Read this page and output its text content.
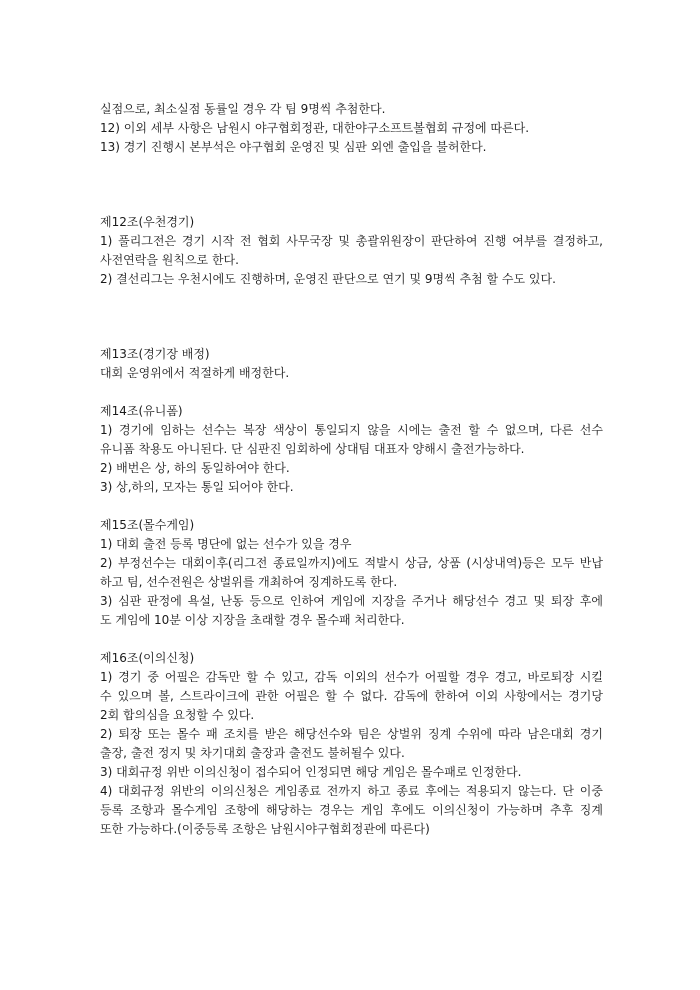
실점으로, 최소실점 동률일 경우 각 팀 9명씩 추첨한다.
12) 이외 세부 사항은 남원시 야구협회정관, 대한야구소프트볼협회 규정에 따른다.
13) 경기 진행시 본부석은 야구협회 운영진 및 심판 외엔 출입을 불허한다.
제12조(우천경기)
1) 풀리그전은 경기 시작 전 협회 사무국장 및 총괄위원장이 판단하여 진행 여부를 결정하고,
사전연락을 원칙으로 한다.
2) 결선리그는 우천시에도 진행하며, 운영진 판단으로 연기 및 9명씩 추첨 할 수도 있다.
제13조(경기장 배정)
대회 운영위에서 적절하게 배정한다.
제14조(유니폼)
1) 경기에 임하는 선수는 복장 색상이 통일되지 않을 시에는 출전 할 수 없으며, 다른 선수
유니폼 착용도 아니된다. 단 심판진 임회하에 상대팀 대표자 양해시 출전가능하다.
2) 배번은 상, 하의 동일하여야 한다.
3) 상,하의, 모자는 통일 되어야 한다.
제15조(몰수게임)
1) 대회 출전 등록 명단에 없는 선수가 있을 경우
2) 부정선수는 대회이후(리그전 종료일까지)에도 적발시 상금, 상품 (시상내역)등은 모두 반납
하고 팀, 선수전원은 상벌위를 개최하여 징계하도록 한다.
3) 심판 판정에 욕설, 난동 등으로 인하여 게임에 지장을 주거나 해당선수 경고 및 퇴장 후에
도 게임에 10분 이상 지장을 초래할 경우 몰수패 처리한다.
제16조(이의신청)
1) 경기 중 어필은 감독만 할 수 있고, 감독 이외의 선수가 어필할 경우 경고, 바로퇴장 시킬
수 있으며 볼, 스트라이크에 관한 어필은 할 수 없다. 감독에 한하여 이외 사항에서는 경기당
2회 합의심을 요청할 수 있다.
2) 퇴장 또는 몰수 패 조치를 받은 해당선수와 팀은 상벌위 징계 수위에 따라 남은대회 경기
출장, 출전 정지 및 차기대회 출장과 출전도 불허될수 있다.
3) 대회규정 위반 이의신청이 접수되어 인정되면 해당 게임은 몰수패로 인정한다.
4) 대회규정 위반의 이의신청은 게임종료 전까지 하고 종료 후에는 적용되지 않는다. 단 이중
등록 조항과 몰수게임 조항에 해당하는 경우는 게임 후에도 이의신청이 가능하며 추후 징계
또한 가능하다.(이중등록 조항은 남원시야구협회정관에 따른다)
